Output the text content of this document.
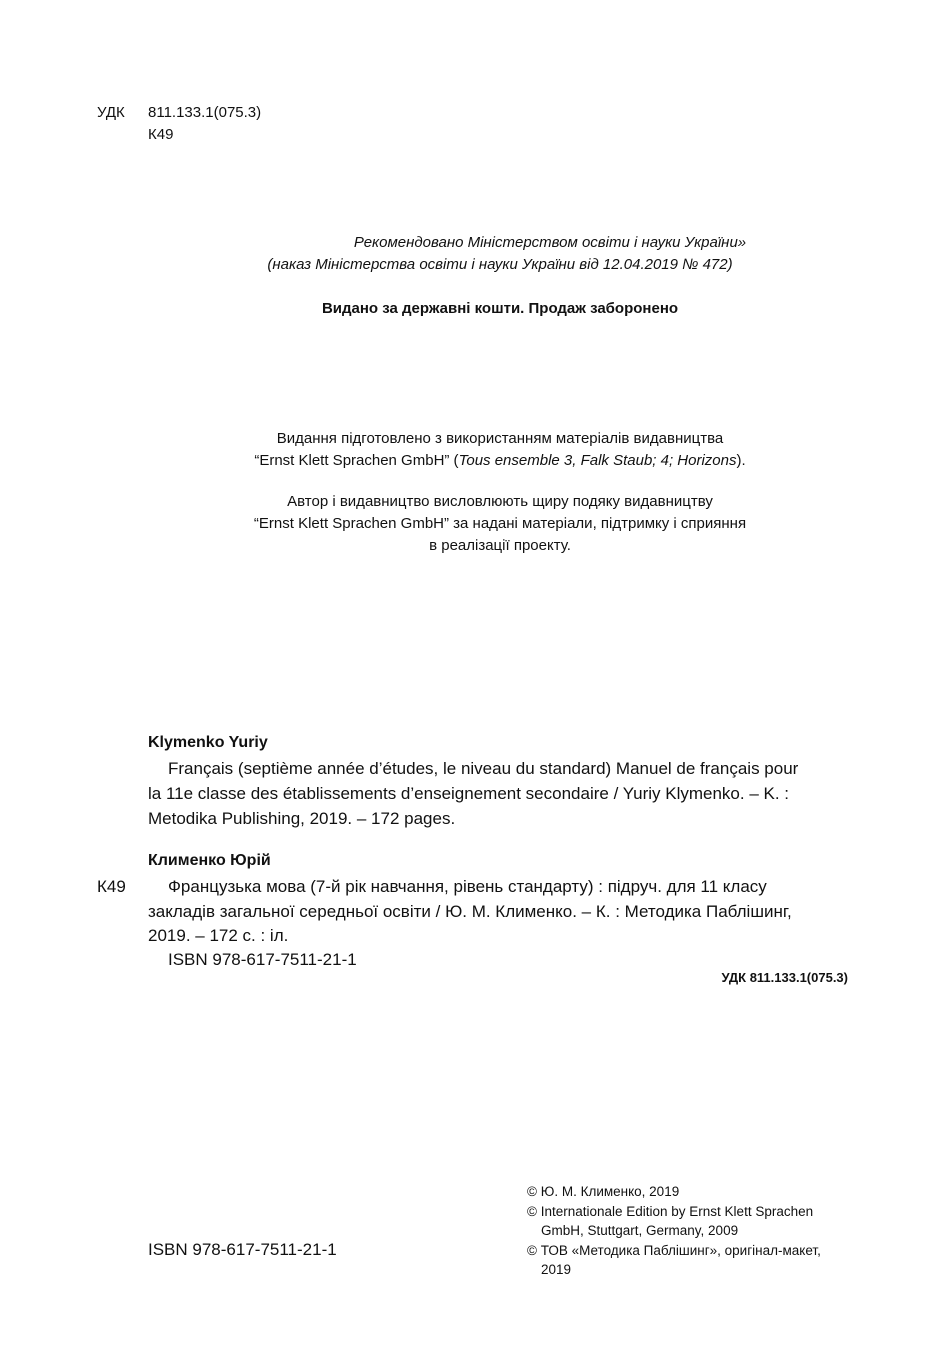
УДК 811.133.1(075.3)
К49
Рекомендовано Міністерством освіти і науки України»
(наказ Міністерства освіти і науки України від 12.04.2019 № 472)
Видано за державні кошти. Продаж заборонено
Видання підготовлено з використанням матеріалів видавництва
“Ernst Klett Sprachen GmbH” (Tous ensemble 3, Falk Staub; 4; Horizons).
Автор і видавництво висловлюють щиру подяку видавництву
“Ernst Klett Sprachen GmbH” за надані матеріали, підтримку і сприяння
в реалізації проекту.
Klymenko Yuriy
Français (septième année d’études, le niveau du standard) Manuel de français pour
la 11e classe des établissements d’enseignement secondaire / Yuriy Klymenko. – K. :
Metodika Publishing, 2019. – 172 pages.
Клименко Юрій
К49 Французька мова (7-й рік навчання, рівень стандарту) : підруч. для 11 класу
закладів загальної середньої освіти / Ю. М. Клименко. – К. : Методика Паблішинг,
2019. – 172 с. : іл.
ISBN 978-617-7511-21-1
УДК 811.133.1(075.3)
ISBN 978-617-7511-21-1
© Ю. М. Клименко, 2019
© Internationale Edition by Ernst Klett Sprachen
GmbH, Stuttgart, Germany, 2009
© ТОВ «Методика Паблішинг», оригінал-макет,
2019
